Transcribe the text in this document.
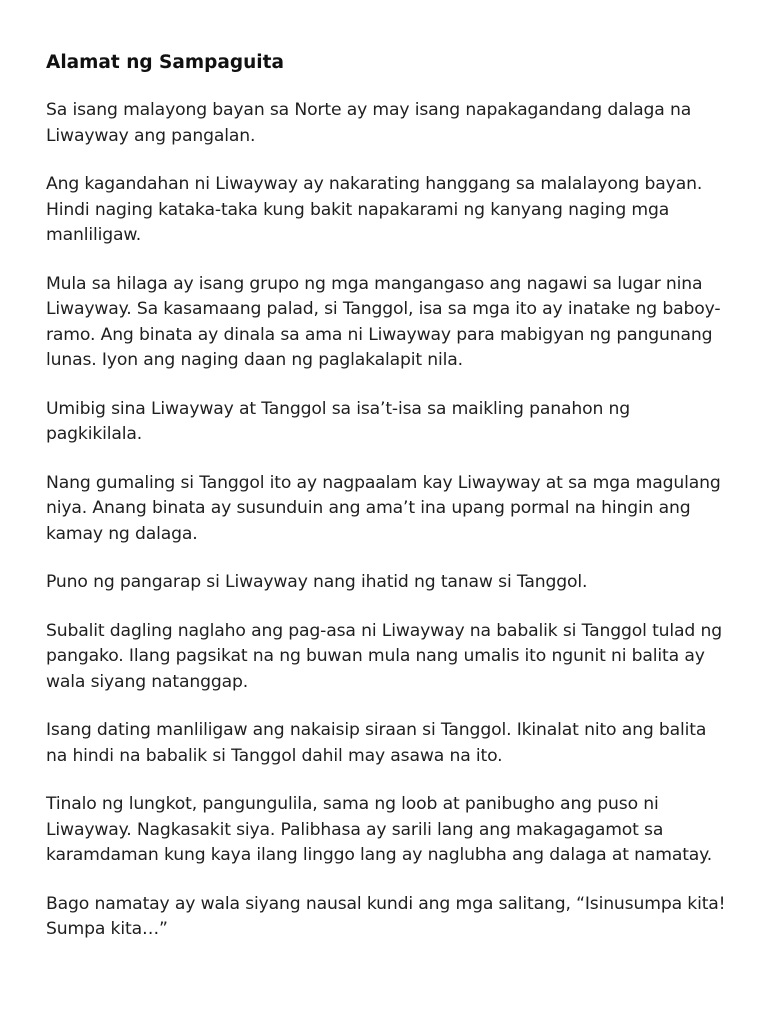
Alamat ng Sampaguita

Sa isang malayong bayan sa Norte ay may isang napakagandang dalaga na Liwayway ang pangalan.

Ang kagandahan ni Liwayway ay nakarating hanggang sa malalayong bayan. Hindi naging kataka-taka kung bakit napakarami ng kanyang naging mga manliligaw.

Mula sa hilaga ay isang grupo ng mga mangangaso ang nagawi sa lugar nina Liwayway. Sa kasamaang palad, si Tanggol, isa sa mga ito ay inatake ng baboy-ramo. Ang binata ay dinala sa ama ni Liwayway para mabigyan ng pangunang lunas. Iyon ang naging daan ng paglakalapit nila.

Umibig sina Liwayway at Tanggol sa isa’t-isa sa maikling panahon ng pagkikilala.

Nang gumaling si Tanggol ito ay nagpaalam kay Liwayway at sa mga magulang niya. Anang binata ay susunduin ang ama’t ina upang pormal na hingin ang kamay ng dalaga.

Puno ng pangarap si Liwayway nang ihatid ng tanaw si Tanggol.

Subalit dagling naglaho ang pag-asa ni Liwayway na babalik si Tanggol tulad ng pangako. Ilang pagsikat na ng buwan mula nang umalis ito ngunit ni balita ay wala siyang natanggap.

Isang dating manliligaw ang nakaisip siraan si Tanggol. Ikinalat nito ang balita na hindi na babalik si Tanggol dahil may asawa na ito.

Tinalo ng lungkot, pangungulila, sama ng loob at panibugho ang puso ni Liwayway. Nagkasakit siya. Palibhasa ay sarili lang ang makagagamot sa karamdaman kung kaya ilang linggo lang ay naglubha ang dalaga at namatay.

Bago namatay ay wala siyang nausal kundi ang mga salitang, “Isinusumpa kita! Sumpa kita…”
